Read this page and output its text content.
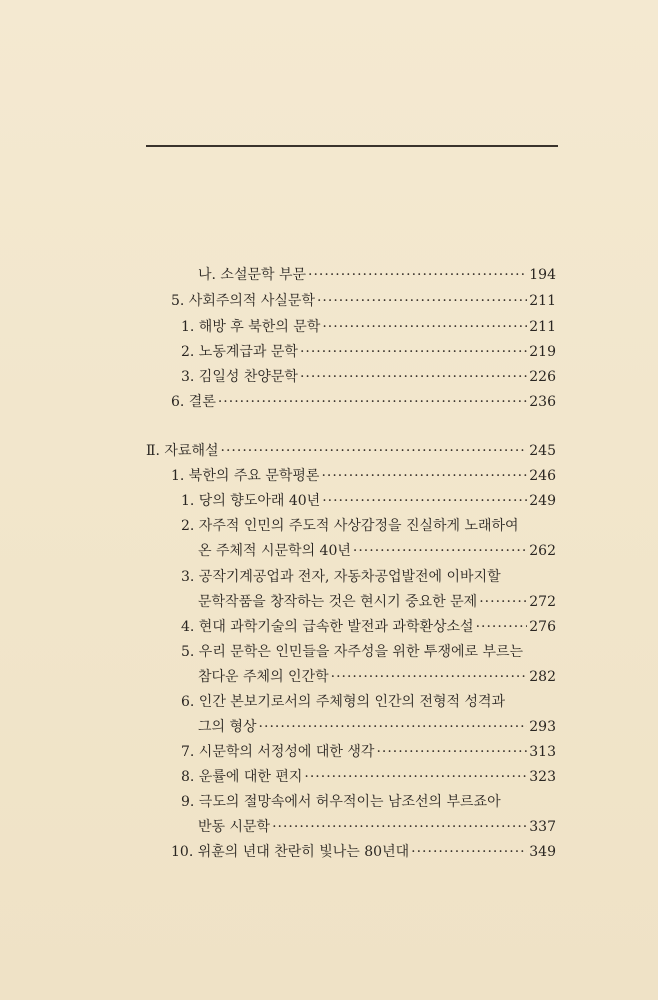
나. 소설문학 부문 ·····	194
5. 사회주의적 사실문학 ·····	211
1. 해방 후 북한의 문학 ·····	211
2. 노동계급과 문학 ·····	219
3. 김일성 찬양문학 ·····	226
6. 결론 ·····	236
Ⅱ. 자료해설 ·····	245
1. 북한의 주요 문학평론 ·····	246
1. 당의 향도아래 40년 ·····	249
2. 자주적 인민의 주도적 사상감정을 진실하게 노래하여
온 주체적 시문학의 40년 ·····	262
3. 공작기계공업과 전자, 자동차공업발전에 이바지할
문학작품을 창작하는 것은 현시기 중요한 문제 ·····	272
4. 현대 과학기술의 급속한 발전과 과학환상소설 ·····	276
5. 우리 문학은 인민들을 자주성을 위한 투쟁에로 부르는
참다운 주체의 인간학 ·····	282
6. 인간 본보기로서의 주체형의 인간의 전형적 성격과
그의 형상 ·····	293
7. 시문학의 서정성에 대한 생각 ·····	313
8. 운률에 대한 편지 ·····	323
9. 극도의 절망속에서 허우적이는 남조선의 부르죠아
반동 시문학 ·····	337
10. 위훈의 년대 찬란히 빛나는 80년대 ·····	349
